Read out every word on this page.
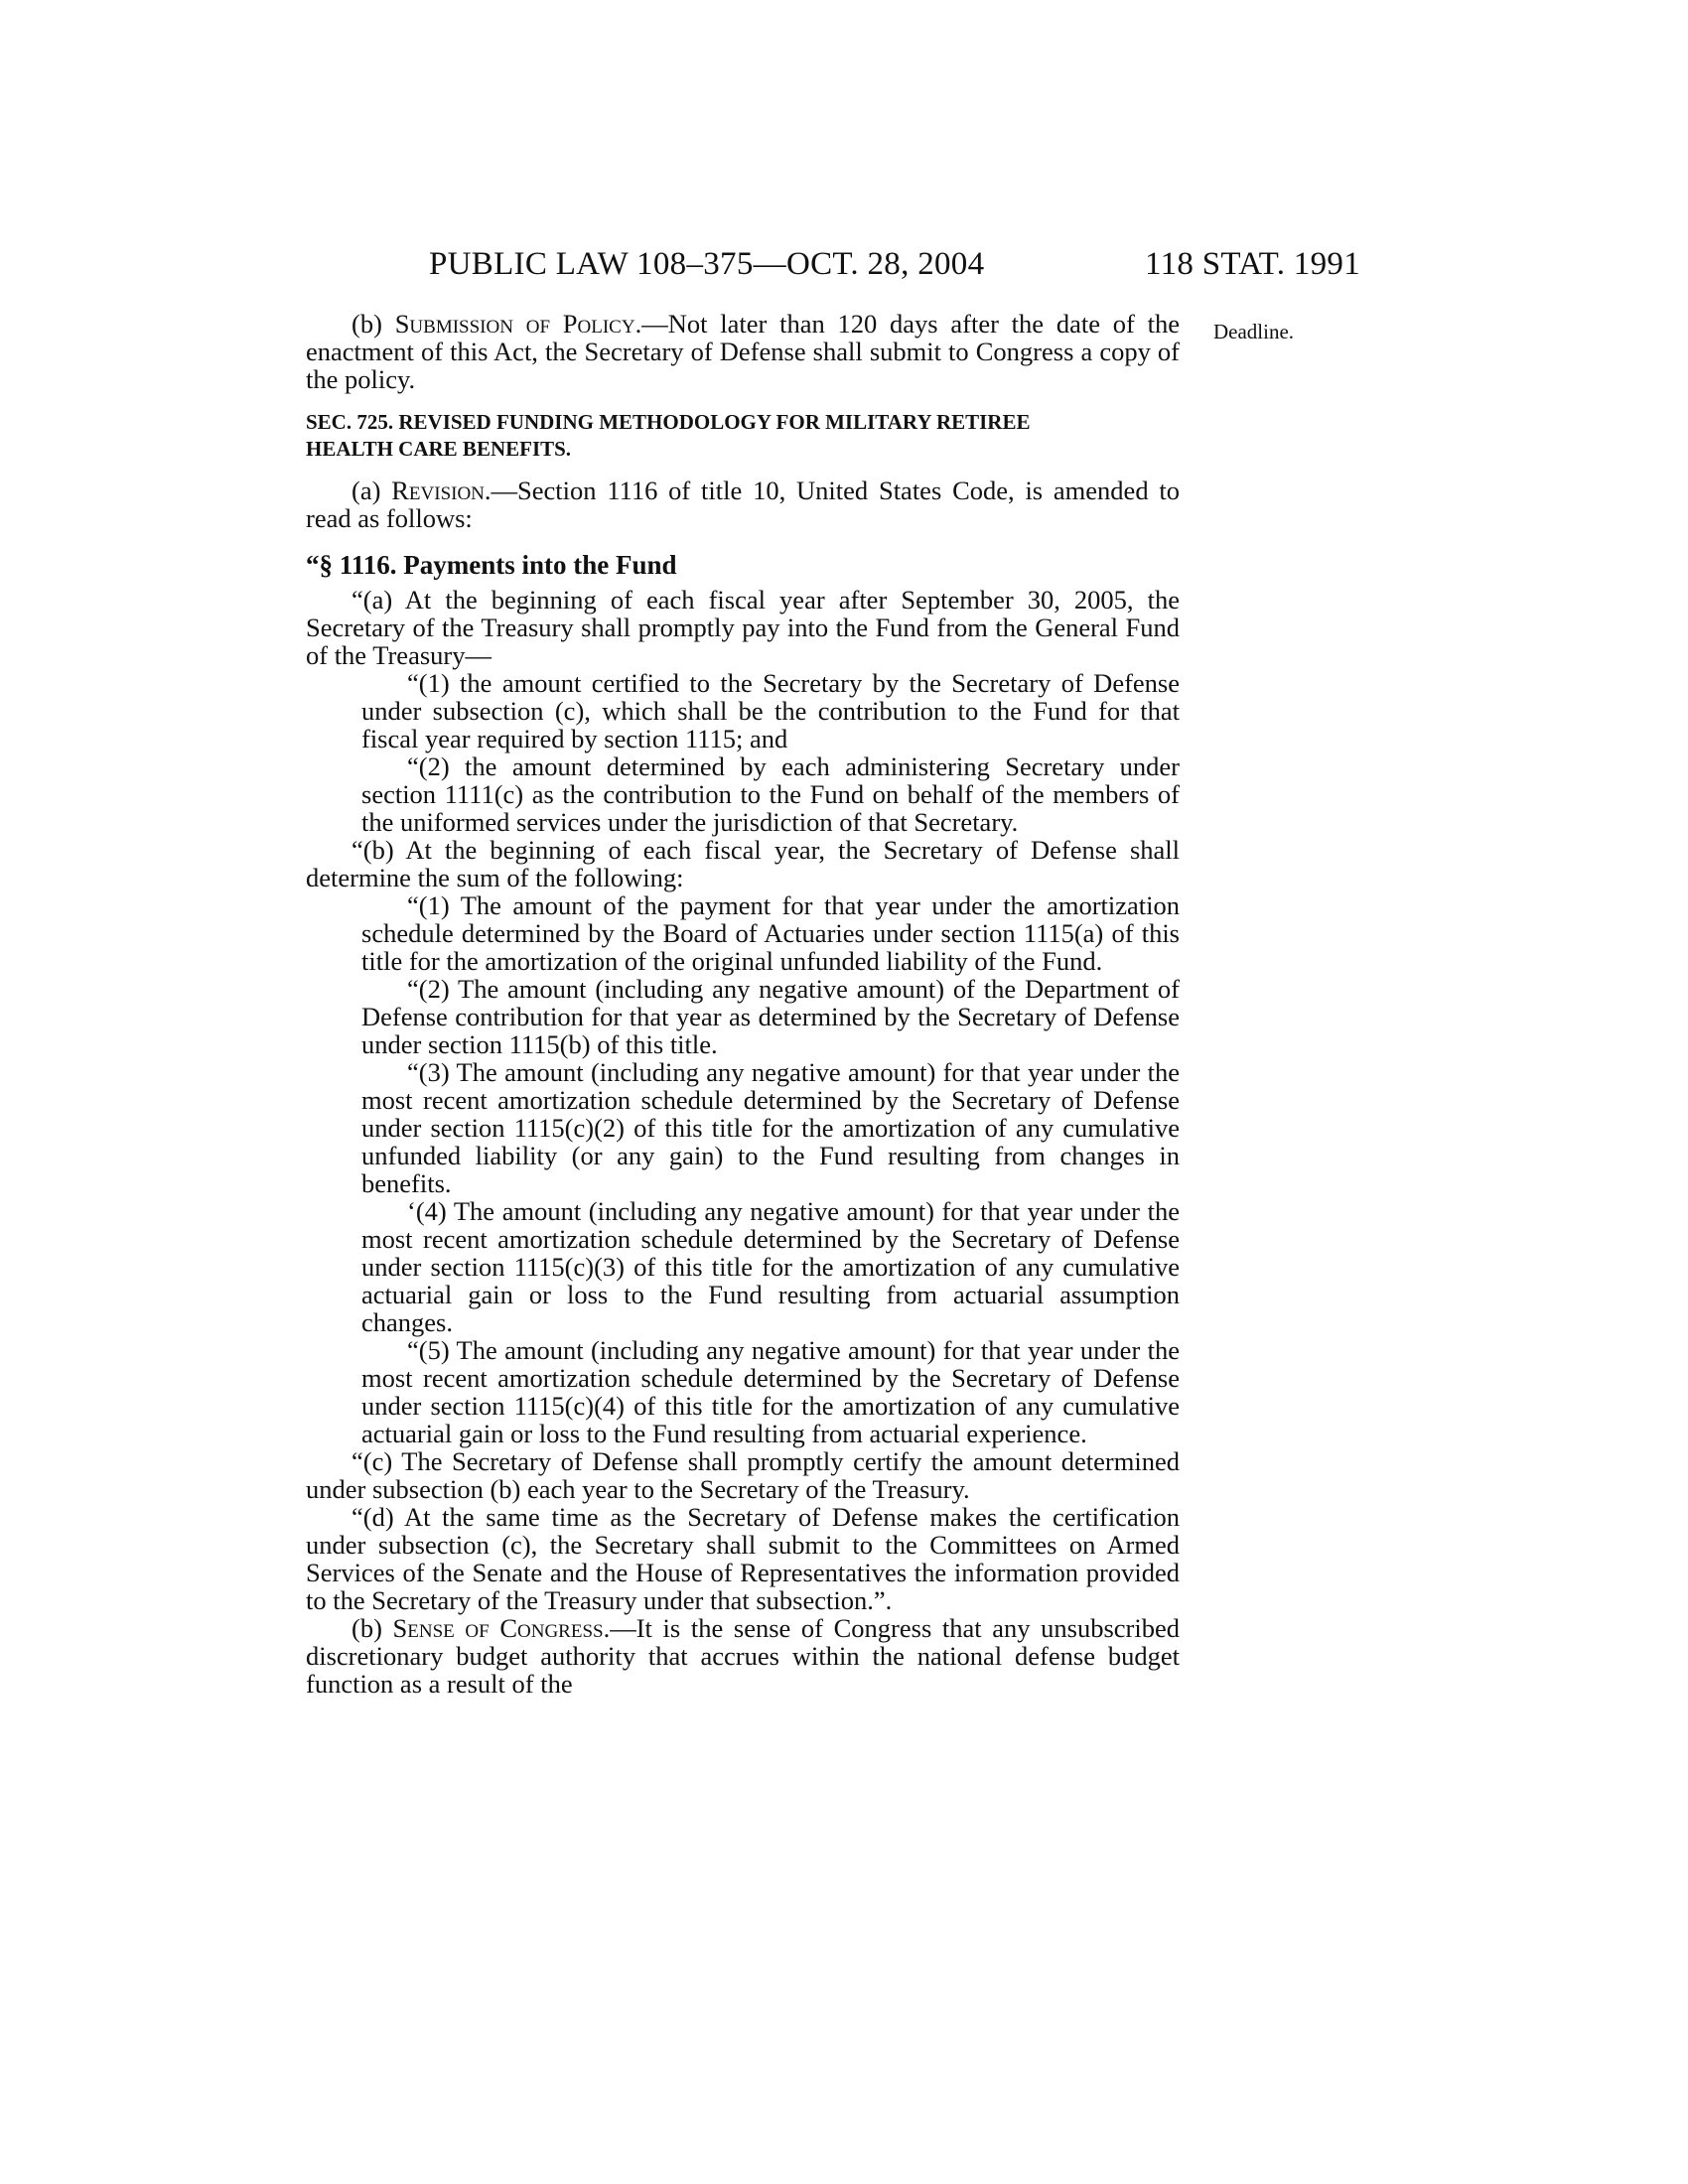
PUBLIC LAW 108–375—OCT. 28, 2004	118 STAT. 1991
Deadline.

(b) Submission of Policy.—Not later than 120 days after the date of the enactment of this Act, the Secretary of Defense shall submit to Congress a copy of the policy.

SEC. 725. REVISED FUNDING METHODOLOGY FOR MILITARY RETIREE
HEALTH CARE BENEFITS.

(a) Revision.—Section 1116 of title 10, United States Code, is amended to read as follows:

“§ 1116. Payments into the Fund

“(a) At the beginning of each fiscal year after September 30, 2005, the Secretary of the Treasury shall promptly pay into the Fund from the General Fund of the Treasury—

“(1) the amount certified to the Secretary by the Secretary of Defense under subsection (c), which shall be the contribution to the Fund for that fiscal year required by section 1115; and

“(2) the amount determined by each administering Secretary under section 1111(c) as the contribution to the Fund on behalf of the members of the uniformed services under the jurisdiction of that Secretary.

“(b) At the beginning of each fiscal year, the Secretary of Defense shall determine the sum of the following:

“(1) The amount of the payment for that year under the amortization schedule determined by the Board of Actuaries under section 1115(a) of this title for the amortization of the original unfunded liability of the Fund.

“(2) The amount (including any negative amount) of the Department of Defense contribution for that year as determined by the Secretary of Defense under section 1115(b) of this title.

“(3) The amount (including any negative amount) for that year under the most recent amortization schedule determined by the Secretary of Defense under section 1115(c)(2) of this title for the amortization of any cumulative unfunded liability (or any gain) to the Fund resulting from changes in benefits.

‘(4) The amount (including any negative amount) for that year under the most recent amortization schedule determined by the Secretary of Defense under section 1115(c)(3) of this title for the amortization of any cumulative actuarial gain or loss to the Fund resulting from actuarial assumption changes.

“(5) The amount (including any negative amount) for that year under the most recent amortization schedule determined by the Secretary of Defense under section 1115(c)(4) of this title for the amortization of any cumulative actuarial gain or loss to the Fund resulting from actuarial experience.

“(c) The Secretary of Defense shall promptly certify the amount determined under subsection (b) each year to the Secretary of the Treasury.

“(d) At the same time as the Secretary of Defense makes the certification under subsection (c), the Secretary shall submit to the Committees on Armed Services of the Senate and the House of Representatives the information provided to the Secretary of the Treasury under that subsection.”.

(b) Sense of Congress.—It is the sense of Congress that any unsubscribed discretionary budget authority that accrues within the national defense budget function as a result of the
